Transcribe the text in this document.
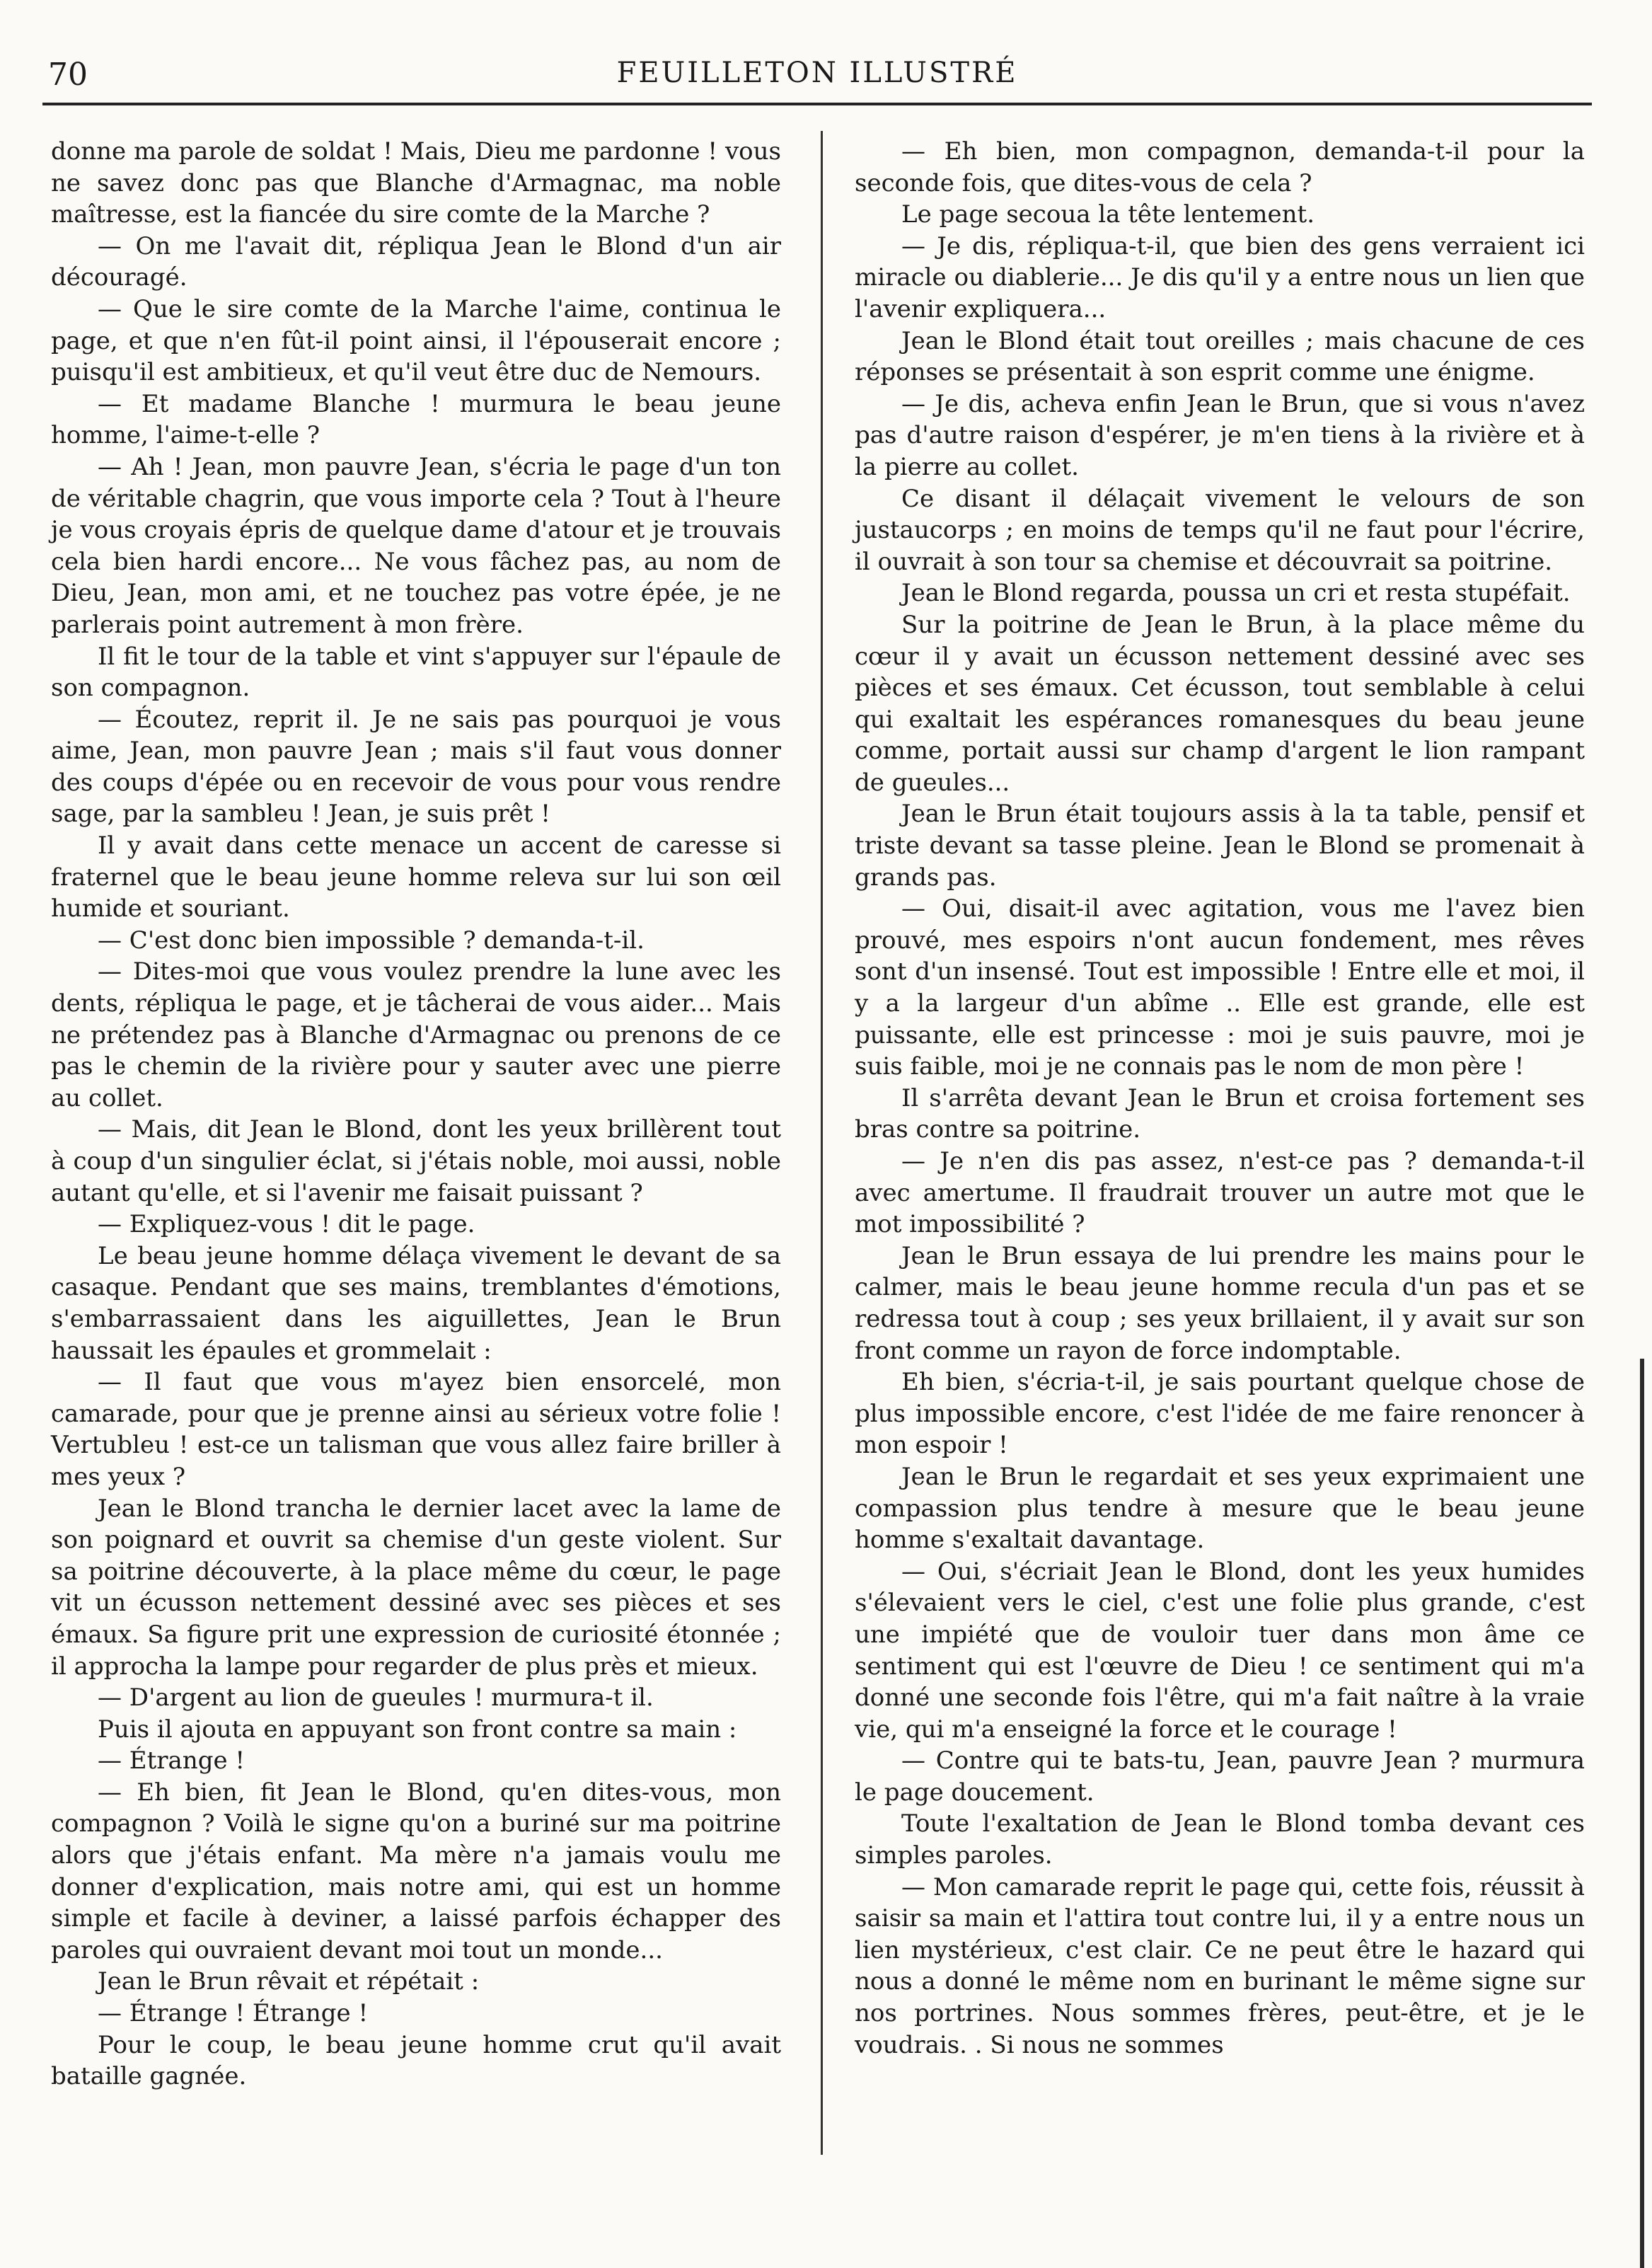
70	FEUILLETON ILLUSTRÉ

donne ma parole de soldat ! Mais, Dieu me pardonne ! vous ne savez donc pas que Blanche d'Armagnac, ma noble maîtresse, est la fiancée du sire comte de la Marche ?

— On me l'avait dit, répliqua Jean le Blond d'un air découragé.

— Que le sire comte de la Marche l'aime, continua le page, et que n'en fût-il point ainsi, il l'épouserait encore ; puisqu'il est ambitieux, et qu'il veut être duc de Nemours.

— Et madame Blanche ! murmura le beau jeune homme, l'aime-t-elle ?

— Ah ! Jean, mon pauvre Jean, s'écria le page d'un ton de véritable chagrin, que vous importe cela ? Tout à l'heure je vous croyais épris de quelque dame d'atour et je trouvais cela bien hardi encore... Ne vous fâchez pas, au nom de Dieu, Jean, mon ami, et ne touchez pas votre épée, je ne parlerais point autrement à mon frère.

Il fit le tour de la table et vint s'appuyer sur l'épaule de son compagnon.

— Écoutez, reprit il. Je ne sais pas pourquoi je vous aime, Jean, mon pauvre Jean ; mais s'il faut vous donner des coups d'épée ou en recevoir de vous pour vous rendre sage, par la sambleu ! Jean, je suis prêt !

Il y avait dans cette menace un accent de caresse si fraternel que le beau jeune homme releva sur lui son œil humide et souriant.

— C'est donc bien impossible ? demanda-t-il.

— Dites-moi que vous voulez prendre la lune avec les dents, répliqua le page, et je tâcherai de vous aider... Mais ne prétendez pas à Blanche d'Armagnac ou prenons de ce pas le chemin de la rivière pour y sauter avec une pierre au collet.

— Mais, dit Jean le Blond, dont les yeux brillèrent tout à coup d'un singulier éclat, si j'étais noble, moi aussi, noble autant qu'elle, et si l'avenir me faisait puissant ?

— Expliquez-vous ! dit le page.

Le beau jeune homme délaça vivement le devant de sa casaque. Pendant que ses mains, tremblantes d'émotions, s'embarrassaient dans les aiguillettes, Jean le Brun haussait les épaules et grommelait :

— Il faut que vous m'ayez bien ensorcelé, mon camarade, pour que je prenne ainsi au sérieux votre folie ! Vertubleu ! est-ce un talisman que vous allez faire briller à mes yeux ?

Jean le Blond trancha le dernier lacet avec la lame de son poignard et ouvrit sa chemise d'un geste violent. Sur sa poitrine découverte, à la place même du cœur, le page vit un écusson nettement dessiné avec ses pièces et ses émaux. Sa figure prit une expression de curiosité étonnée ; il approcha la lampe pour regarder de plus près et mieux.

— D'argent au lion de gueules ! murmura-t il.

Puis il ajouta en appuyant son front contre sa main :

— Étrange !

— Eh bien, fit Jean le Blond, qu'en dites-vous, mon compagnon ? Voilà le signe qu'on a buriné sur ma poitrine alors que j'étais enfant. Ma mère n'a jamais voulu me donner d'explication, mais notre ami, qui est un homme simple et facile à deviner, a laissé parfois échapper des paroles qui ouvraient devant moi tout un monde...

Jean le Brun rêvait et répétait :

— Étrange ! Étrange !

Pour le coup, le beau jeune homme crut qu'il avait bataille gagnée.

— Eh bien, mon compagnon, demanda-t-il pour la seconde fois, que dites-vous de cela ?

Le page secoua la tête lentement.

— Je dis, répliqua-t-il, que bien des gens verraient ici miracle ou diablerie... Je dis qu'il y a entre nous un lien que l'avenir expliquera...

Jean le Blond était tout oreilles ; mais chacune de ces réponses se présentait à son esprit comme une énigme.

— Je dis, acheva enfin Jean le Brun, que si vous n'avez pas d'autre raison d'espérer, je m'en tiens à la rivière et à la pierre au collet.

Ce disant il délaçait vivement le velours de son justaucorps ; en moins de temps qu'il ne faut pour l'écrire, il ouvrait à son tour sa chemise et découvrait sa poitrine.

Jean le Blond regarda, poussa un cri et resta stupéfait.

Sur la poitrine de Jean le Brun, à la place même du cœur il y avait un écusson nettement dessiné avec ses pièces et ses émaux. Cet écusson, tout semblable à celui qui exaltait les espérances romanesques du beau jeune comme, portait aussi sur champ d'argent le lion rampant de gueules...

Jean le Brun était toujours assis à la ta table, pensif et triste devant sa tasse pleine. Jean le Blond se promenait à grands pas.

— Oui, disait-il avec agitation, vous me l'avez bien prouvé, mes espoirs n'ont aucun fondement, mes rêves sont d'un insensé. Tout est impossible ! Entre elle et moi, il y a la largeur d'un abîme .. Elle est grande, elle est puissante, elle est princesse : moi je suis pauvre, moi je suis faible, moi je ne connais pas le nom de mon père !

Il s'arrêta devant Jean le Brun et croisa fortement ses bras contre sa poitrine.

— Je n'en dis pas assez, n'est-ce pas ? demanda-t-il avec amertume. Il fraudrait trouver un autre mot que le mot impossibilité ?

Jean le Brun essaya de lui prendre les mains pour le calmer, mais le beau jeune homme recula d'un pas et se redressa tout à coup ; ses yeux brillaient, il y avait sur son front comme un rayon de force indomptable.

Eh bien, s'écria-t-il, je sais pourtant quelque chose de plus impossible encore, c'est l'idée de me faire renoncer à mon espoir !

Jean le Brun le regardait et ses yeux exprimaient une compassion plus tendre à mesure que le beau jeune homme s'exaltait davantage.

— Oui, s'écriait Jean le Blond, dont les yeux humides s'élevaient vers le ciel, c'est une folie plus grande, c'est une impiété que de vouloir tuer dans mon âme ce sentiment qui est l'œuvre de Dieu ! ce sentiment qui m'a donné une seconde fois l'être, qui m'a fait naître à la vraie vie, qui m'a enseigné la force et le courage !

— Contre qui te bats-tu, Jean, pauvre Jean ? murmura le page doucement.

Toute l'exaltation de Jean le Blond tomba devant ces simples paroles.

— Mon camarade reprit le page qui, cette fois, réussit à saisir sa main et l'attira tout contre lui, il y a entre nous un lien mystérieux, c'est clair. Ce ne peut être le hazard qui nous a donné le même nom en burinant le même signe sur nos portrines. Nous sommes frères, peut-être, et je le voudrais. . Si nous ne sommes
